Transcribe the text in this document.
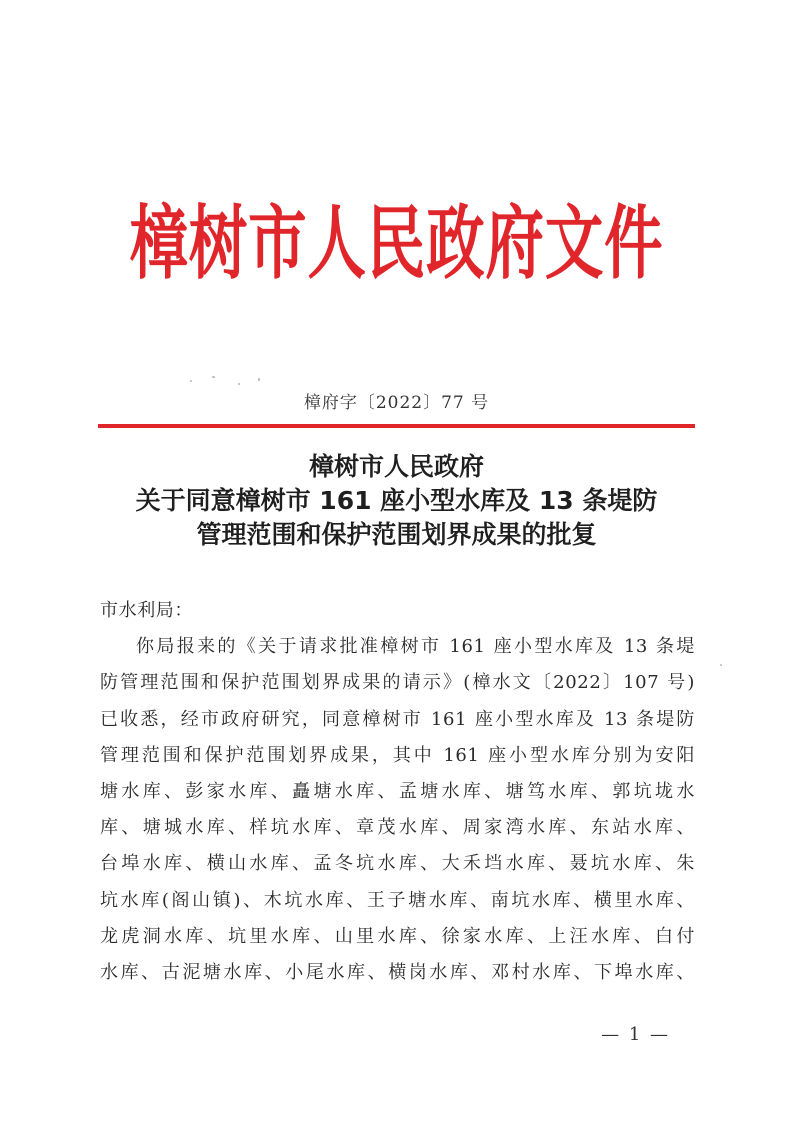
樟树市人民政府文件
樟府字〔2022〕77 号
樟树市人民政府
关于同意樟树市 161 座小型水库及 13 条堤防
管理范围和保护范围划界成果的批复
市水利局：
你局报来的《关于请求批准樟树市 161 座小型水库及 13 条堤
防管理范围和保护范围划界成果的请示》(樟水文〔2022〕107 号)
已收悉，经市政府研究，同意樟树市 161 座小型水库及 13 条堤防
管理范围和保护范围划界成果，其中 161 座小型水库分别为安阳
塘水库、彭家水库、矗塘水库、孟塘水库、塘笃水库、郭坑垅水
库、塘城水库、样坑水库、章茂水库、周家湾水库、东站水库、
台埠水库、横山水库、孟冬坑水库、大禾垱水库、聂坑水库、朱
坑水库(阁山镇)、木坑水库、王子塘水库、南坑水库、横里水库、
龙虎洞水库、坑里水库、山里水库、徐家水库、上汪水库、白付
水库、古泥塘水库、小尾水库、横岗水库、邓村水库、下埠水库、
— 1 —
